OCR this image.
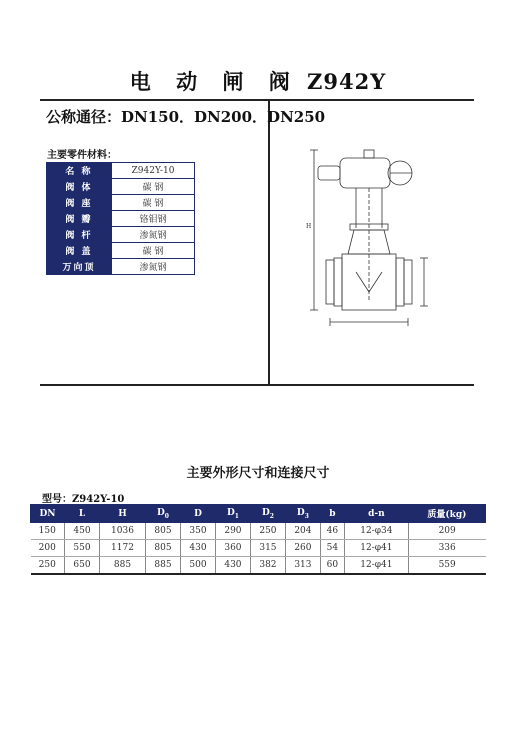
电 动 闸 阀 Z942Y
公称通径：DN150．DN200．DN250
主要零件材料：
名 称	Z942Y-10
阀 体	碳 钢
阀 座	碳 钢
阀 瓣	铬钼钢
阀 杆	渗氮钢
阀 盖	碳 钢
万向顶	渗氮钢
H
主要外形尺寸和连接尺寸
型号：Z942Y-10
DN	L	H	$D_0$	D	$D_1$	$D_2$	$D_3$	b	d-n	质量(kg)
150	450	1036	805	350	290	250	204	46	12-φ34	209
200	550	1172	805	430	360	315	260	54	12-φ41	336
250	650	885	885	500	430	382	313	60	12-φ41	559
